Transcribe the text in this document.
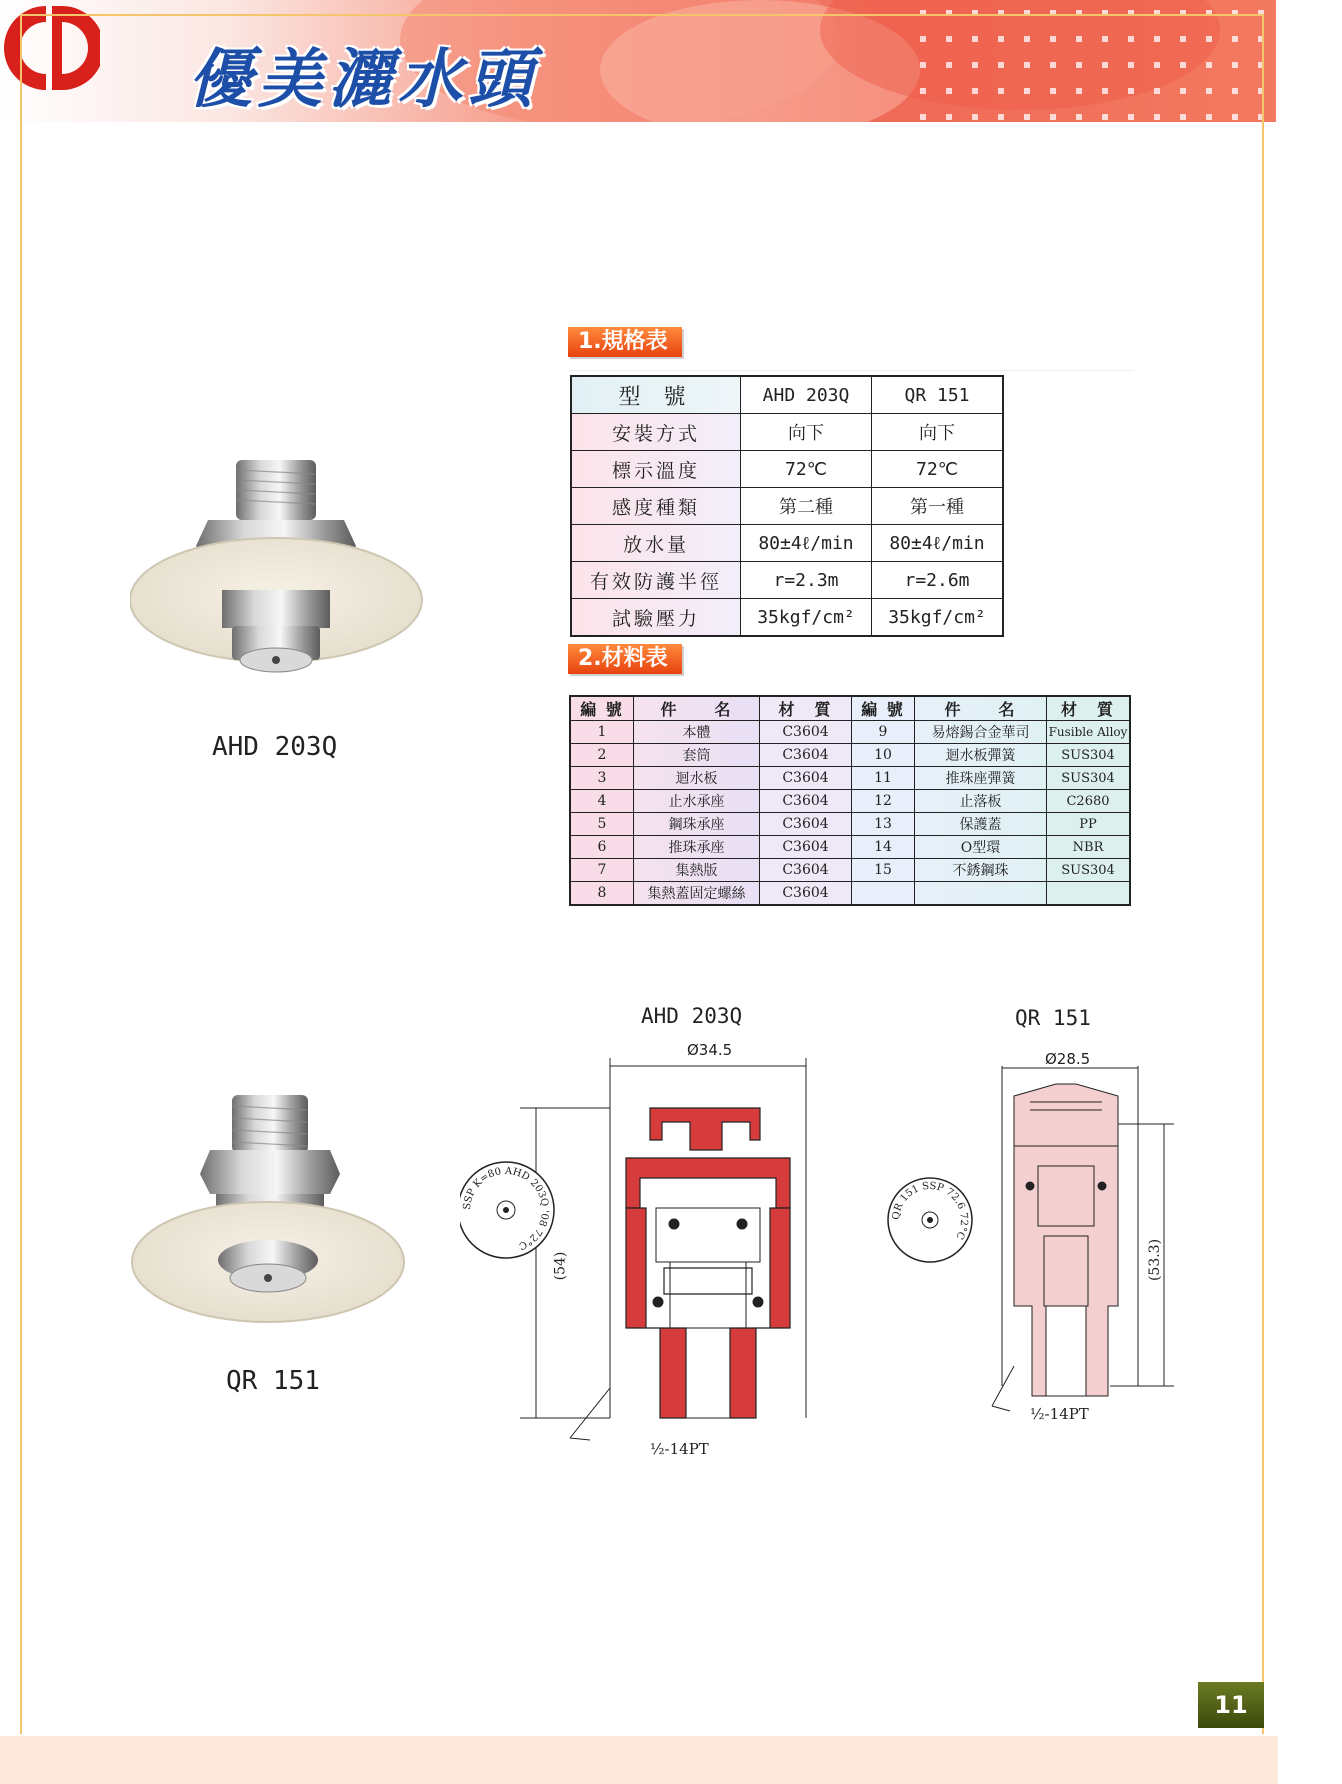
優美灑水頭
1.規格表
型 號	AHD 203Q	QR 151
安裝方式	向下	向下
標示溫度	72℃	72℃
感度種類	第二種	第一種
放水量	80±4ℓ/min	80±4ℓ/min
有效防護半徑	r=2.3m	r=2.6m
試驗壓力	35kgf/cm²	35kgf/cm²
2.材料表
編 號	件　　名	材　質	編 號	件　　名	材　質
1	本體	C3604	9	易熔錫合金華司	Fusible Alloy
2	套筒	C3604	10	迴水板彈簧	SUS304
3	迴水板	C3604	11	推珠座彈簧	SUS304
4	止水承座	C3604	12	止落板	C2680
5	鋼珠承座	C3604	13	保護蓋	PP
6	推珠承座	C3604	14	O型環	NBR
7	集熱版	C3604	15	不銹鋼珠	SUS304
8	集熱蓋固定螺絲	C3604			
AHD 203Q
QR 151
AHD 203Q
Ø34.5
SSP K=80 AHD 203Q '08 72°C
(54)
½-14PT
QR 151
Ø28.5
QR 151 SSP 72.6 72°C
(53.3)
½-14PT
11
